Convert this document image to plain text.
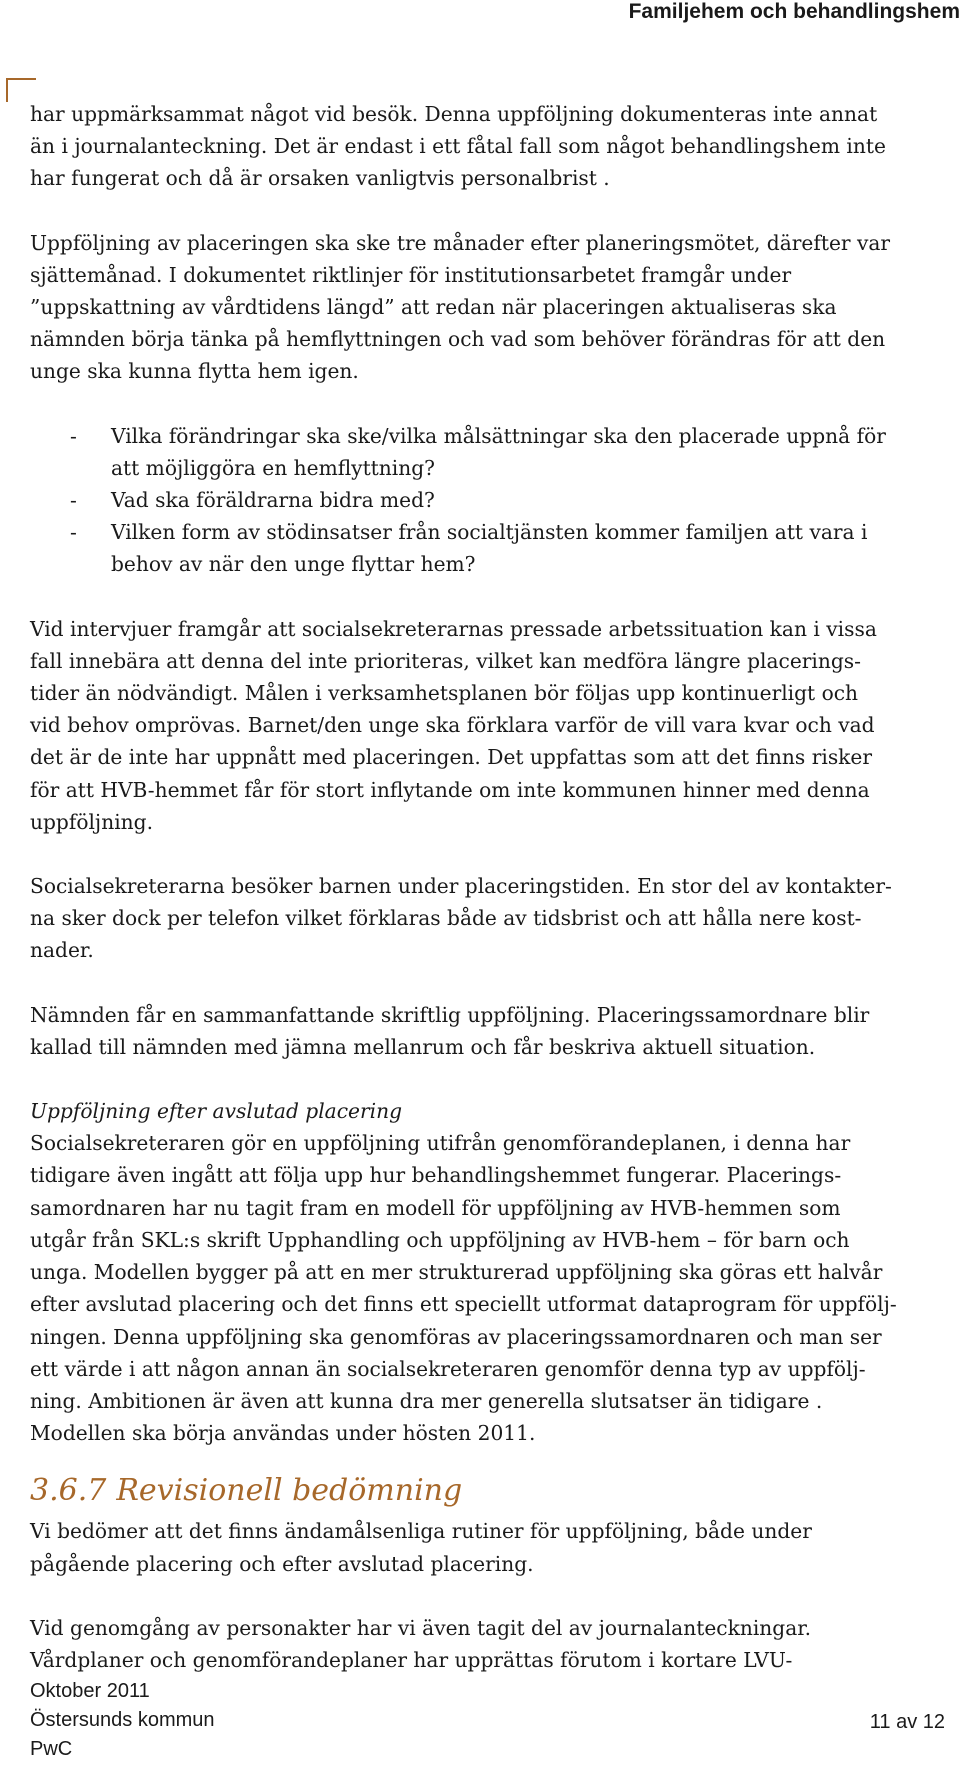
Familjehem och behandlingshem

har uppmärksammat något vid besök. Denna uppföljning dokumenteras inte annat
än i journalanteckning. Det är endast i ett fåtal fall som något behandlingshem inte
har fungerat och då är orsaken vanligtvis personalbrist .

Uppföljning av placeringen ska ske tre månader efter planeringsmötet, därefter var
sjättemånad. I dokumentet riktlinjer för institutionsarbetet framgår under
”uppskattning av vårdtidens längd” att redan när placeringen aktualiseras ska
nämnden börja tänka på hemflyttningen och vad som behöver förändras för att den
unge ska kunna flytta hem igen.

- Vilka förändringar ska ske/vilka målsättningar ska den placerade uppnå för
att möjliggöra en hemflyttning?
- Vad ska föräldrarna bidra med?
- Vilken form av stödinsatser från socialtjänsten kommer familjen att vara i
behov av när den unge flyttar hem?

Vid intervjuer framgår att socialsekreterarnas pressade arbetssituation kan i vissa
fall innebära att denna del inte prioriteras, vilket kan medföra längre placerings-
tider än nödvändigt. Målen i verksamhetsplanen bör följas upp kontinuerligt och
vid behov omprövas. Barnet/den unge ska förklara varför de vill vara kvar och vad
det är de inte har uppnått med placeringen. Det uppfattas som att det finns risker
för att HVB-hemmet får för stort inflytande om inte kommunen hinner med denna
uppföljning.

Socialsekreterarna besöker barnen under placeringstiden. En stor del av kontakter-
na sker dock per telefon vilket förklaras både av tidsbrist och att hålla nere kost-
nader.

Nämnden får en sammanfattande skriftlig uppföljning. Placeringssamordnare blir
kallad till nämnden med jämna mellanrum och får beskriva aktuell situation.

Uppföljning efter avslutad placering

Socialsekreteraren gör en uppföljning utifrån genomförandeplanen, i denna har
tidigare även ingått att följa upp hur behandlingshemmet fungerar. Placerings-
samordnaren har nu tagit fram en modell för uppföljning av HVB-hemmen som
utgår från SKL:s skrift Upphandling och uppföljning av HVB-hem – för barn och
unga. Modellen bygger på att en mer strukturerad uppföljning ska göras ett halvår
efter avslutad placering och det finns ett speciellt utformat dataprogram för uppfölj-
ningen. Denna uppföljning ska genomföras av placeringssamordnaren och man ser
ett värde i att någon annan än socialsekreteraren genomför denna typ av uppfölj-
ning. Ambitionen är även att kunna dra mer generella slutsatser än tidigare .
Modellen ska börja användas under hösten 2011.

3.6.7 Revisionell bedömning

Vi bedömer att det finns ändamålsenliga rutiner för uppföljning, både under
pågående placering och efter avslutad placering.

Vid genomgång av personakter har vi även tagit del av journalanteckningar.
Vårdplaner och genomförandeplaner har upprättas förutom i kortare LVU-

Oktober 2011
Östersunds kommun
PwC
11 av 12
